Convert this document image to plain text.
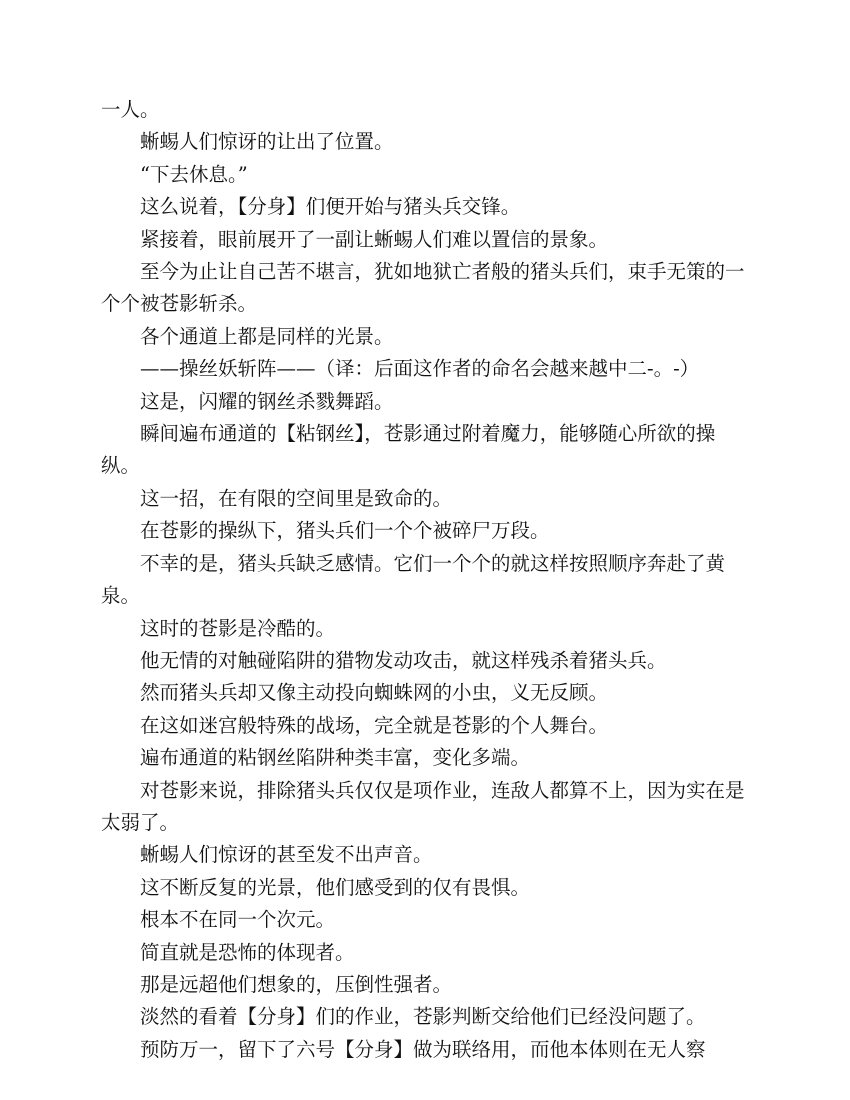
一人。

蜥蜴人们惊讶的让出了位置。

“下去休息。”

这么说着，【分身】们便开始与猪头兵交锋。

紧接着，眼前展开了一副让蜥蜴人们难以置信的景象。

至今为止让自己苦不堪言，犹如地狱亡者般的猪头兵们，束手无策的一个个被苍影斩杀。

各个通道上都是同样的光景。

——操丝妖斩阵——（译：后面这作者的命名会越来越中二-。-）

这是，闪耀的钢丝杀戮舞蹈。

瞬间遍布通道的【粘钢丝】，苍影通过附着魔力，能够随心所欲的操纵。

这一招，在有限的空间里是致命的。

在苍影的操纵下，猪头兵们一个个被碎尸万段。

不幸的是，猪头兵缺乏感情。它们一个个的就这样按照顺序奔赴了黄泉。

这时的苍影是冷酷的。

他无情的对触碰陷阱的猎物发动攻击，就这样残杀着猪头兵。

然而猪头兵却又像主动投向蜘蛛网的小虫，义无反顾。

在这如迷宫般特殊的战场，完全就是苍影的个人舞台。

遍布通道的粘钢丝陷阱种类丰富，变化多端。

对苍影来说，排除猪头兵仅仅是项作业，连敌人都算不上，因为实在是太弱了。

蜥蜴人们惊讶的甚至发不出声音。

这不断反复的光景，他们感受到的仅有畏惧。

根本不在同一个次元。

简直就是恐怖的体现者。

那是远超他们想象的，压倒性强者。

淡然的看着【分身】们的作业，苍影判断交给他们已经没问题了。

预防万一，留下了六号【分身】做为联络用，而他本体则在无人察
